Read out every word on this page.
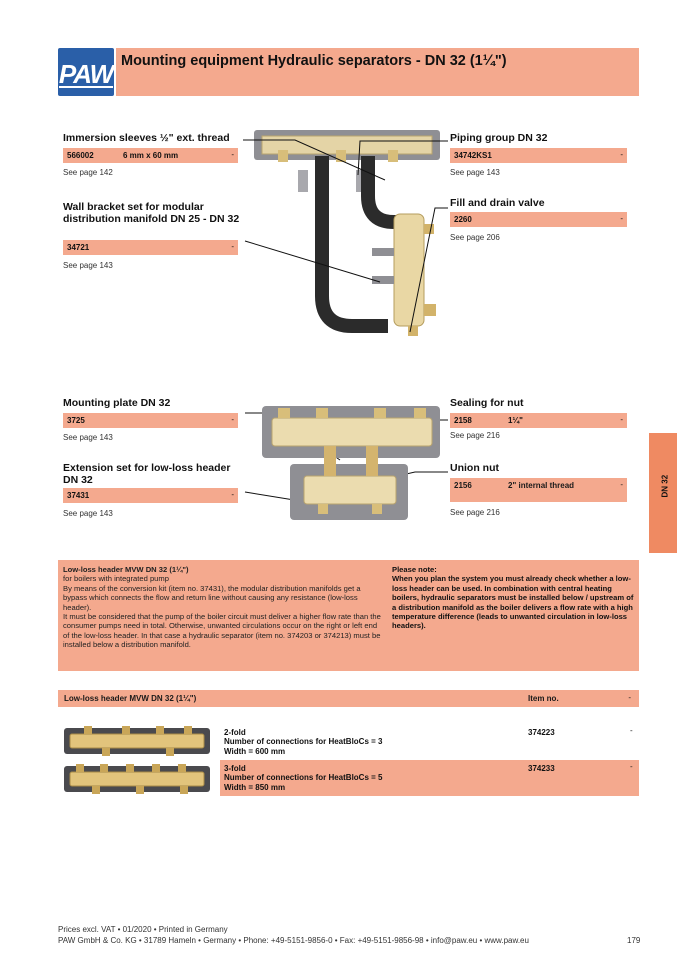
PAW Mounting equipment Hydraulic separators - DN 32 (1¼")
DN 32
Immersion sleeves ½" ext. thread
566002	6 mm x 60 mm	-
See page 142
Wall bracket set for modular distribution manifold DN 25 - DN 32
34721	-
See page 143
Piping group DN 32
34742KS1	-
See page 143
Fill and drain valve
2260	-
See page 206
Mounting plate DN 32
3725	-
See page 143
Extension set for low-loss header DN 32
37431	-
See page 143
Sealing for nut
2158	1¼"	-
See page 216
Union nut
2156	2" internal thread	-
See page 216
Low-loss header MVW DN 32 (1¼")
for boilers with integrated pump
By means of the conversion kit (item no. 37431), the modular distribution manifolds get a bypass which connects the flow and return line without causing any resistance (low-loss header).
It must be considered that the pump of the boiler circuit must deliver a higher flow rate than the consumer pumps need in total. Otherwise, unwanted circulations occur on the right or left end of the low-loss header. In that case a hydraulic separator (item no. 374203 or 374213) must be installed below a distribution manifold.
Please note:
When you plan the system you must already check whether a low-loss header can be used. In combination with central heating boilers, hydraulic separators must be installed below / upstream of a distribution manifold as the boiler delivers a flow rate with a high temperature difference (leads to unwanted circulation in low-loss headers).
Low-loss header MVW DN 32 (1¼")	Item no.	-
2-fold
Number of connections for HeatBloCs = 3
Width = 600 mm
374223	-
3-fold
Number of connections for HeatBloCs = 5
Width = 850 mm
374233	-
Prices excl. VAT • 01/2020 • Printed in Germany
PAW GmbH & Co. KG • 31789 Hameln • Germany • Phone: +49-5151-9856-0 • Fax: +49-5151-9856-98 • info@paw.eu • www.paw.eu	179
